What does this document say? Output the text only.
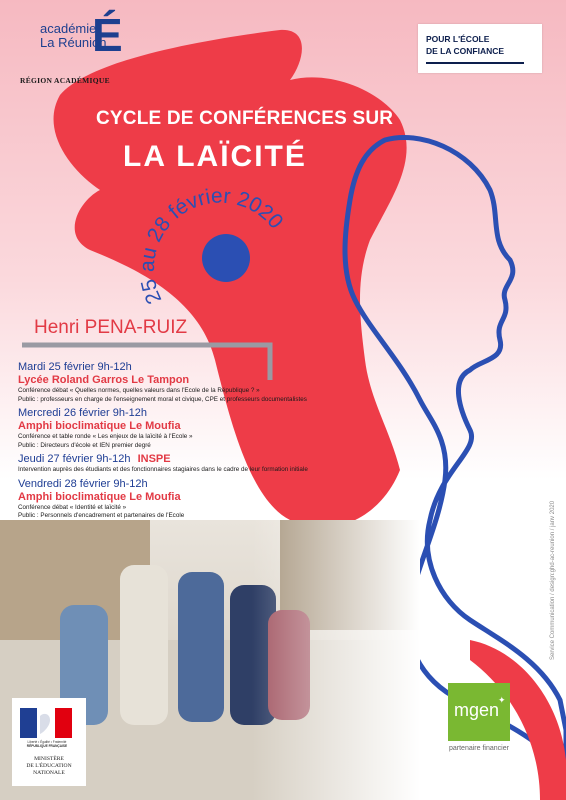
académie
La Réunion
É
RÉGION ACADÉMIQUE
POUR L'ÉCOLE
DE LA CONFIANCE
CYCLE DE CONFÉRENCES SUR
LA LAÏCITÉ
25 au 28 février 2020
Henri PENA-RUIZ
Mardi 25 février 9h-12h
Lycée Roland Garros Le Tampon
Conférence débat « Quelles normes, quelles valeurs dans l'Ecole de la République ? »
Public : professeurs en charge de l'enseignement moral et civique, CPE et professeurs documentalistes
Mercredi 26 février 9h-12h
Amphi bioclimatique Le Moufia
Conférence et table ronde « Les enjeux de la laïcité à l'Ecole »
Public : Directeurs d'école et IEN premier degré
Jeudi 27 février 9h-12h INSPE
Intervention auprès des étudiants et des fonctionnaires stagiaires dans le cadre de leur formation initiale
Vendredi 28 février 9h-12h
Amphi bioclimatique Le Moufia
Conférence débat « Identité et laïcité »
Public : Personnels d'encadrement et partenaires de l'Ecole
Liberté • Égalité • Fraternité
RÉPUBLIQUE FRANÇAISE
MINISTÈRE
DE L'ÉDUCATION
NATIONALE
mgen
✦
partenaire financier
Service Communication / design:ghd-ac-reunion / janv 2020
